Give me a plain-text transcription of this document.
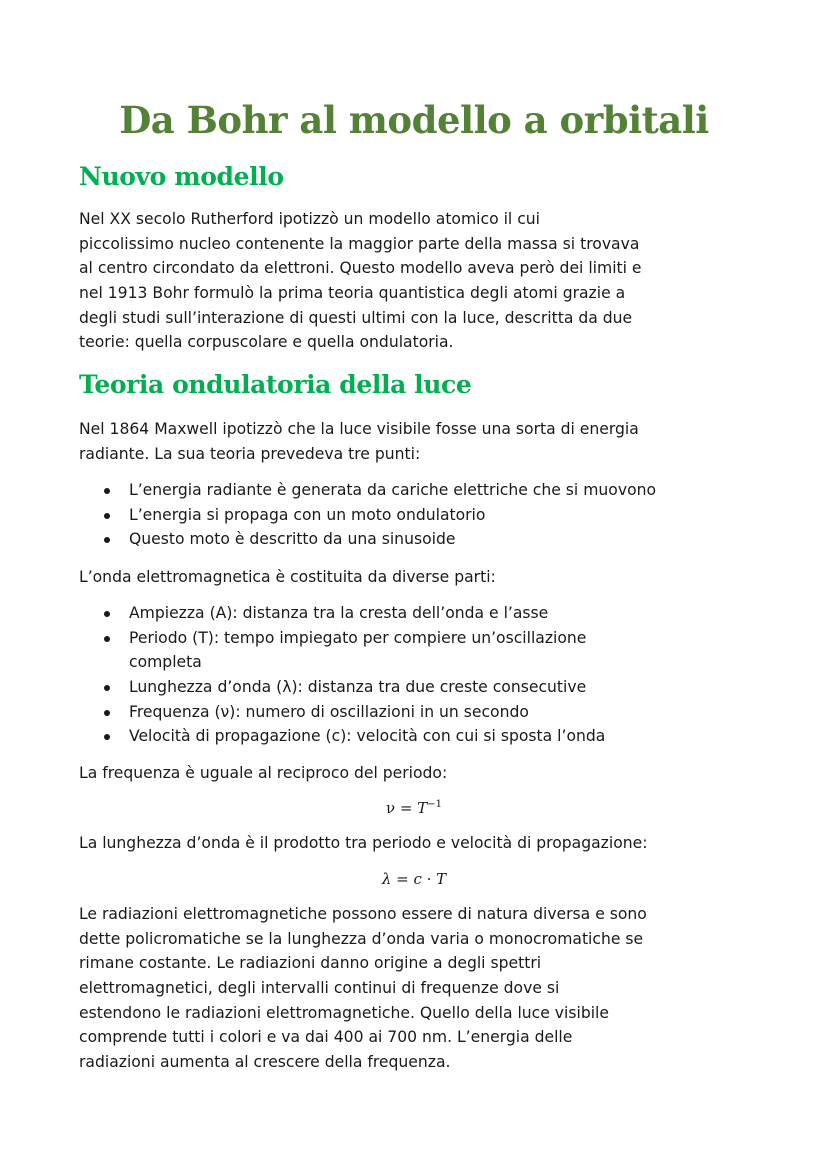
Da Bohr al modello a orbitali
Nuovo modello
Nel XX secolo Rutherford ipotizzò un modello atomico il cui
piccolissimo nucleo contenente la maggior parte della massa si trovava
al centro circondato da elettroni. Questo modello aveva però dei limiti e
nel 1913 Bohr formulò la prima teoria quantistica degli atomi grazie a
degli studi sull’interazione di questi ultimi con la luce, descritta da due
teorie: quella corpuscolare e quella ondulatoria.
Teoria ondulatoria della luce
Nel 1864 Maxwell ipotizzò che la luce visibile fosse una sorta di energia
radiante. La sua teoria prevedeva tre punti:
L’energia radiante è generata da cariche elettriche che si muovono
L’energia si propaga con un moto ondulatorio
Questo moto è descritto da una sinusoide
L’onda elettromagnetica è costituita da diverse parti:
Ampiezza (A): distanza tra la cresta dell’onda e l’asse
Periodo (T): tempo impiegato per compiere un’oscillazione
completa
Lunghezza d’onda (λ): distanza tra due creste consecutive
Frequenza (ν): numero di oscillazioni in un secondo
Velocità di propagazione (c): velocità con cui si sposta l’onda
La frequenza è uguale al reciproco del periodo:
$\nu = T^{-1}$
La lunghezza d’onda è il prodotto tra periodo e velocità di propagazione:
λ = c · T
Le radiazioni elettromagnetiche possono essere di natura diversa e sono
dette policromatiche se la lunghezza d’onda varia o monocromatiche se
rimane costante. Le radiazioni danno origine a degli spettri
elettromagnetici, degli intervalli continui di frequenze dove si
estendono le radiazioni elettromagnetiche. Quello della luce visibile
comprende tutti i colori e va dai 400 ai 700 nm. L’energia delle
radiazioni aumenta al crescere della frequenza.
